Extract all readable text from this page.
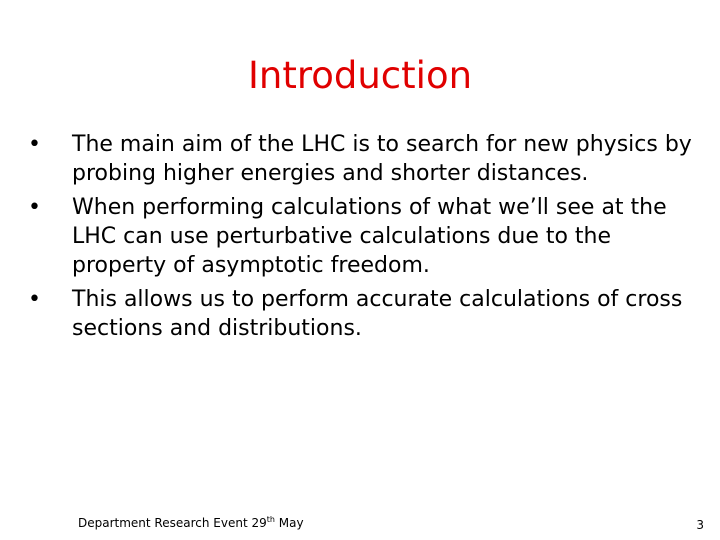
Introduction
•	The main aim of the LHC is to search for new physics by probing higher energies and shorter distances.
•	When performing calculations of what we’ll see at the LHC can use perturbative calculations due to the property of asymptotic freedom.
•	This allows us to perform accurate calculations of cross sections and distributions.
Department Research Event 29th May	3
